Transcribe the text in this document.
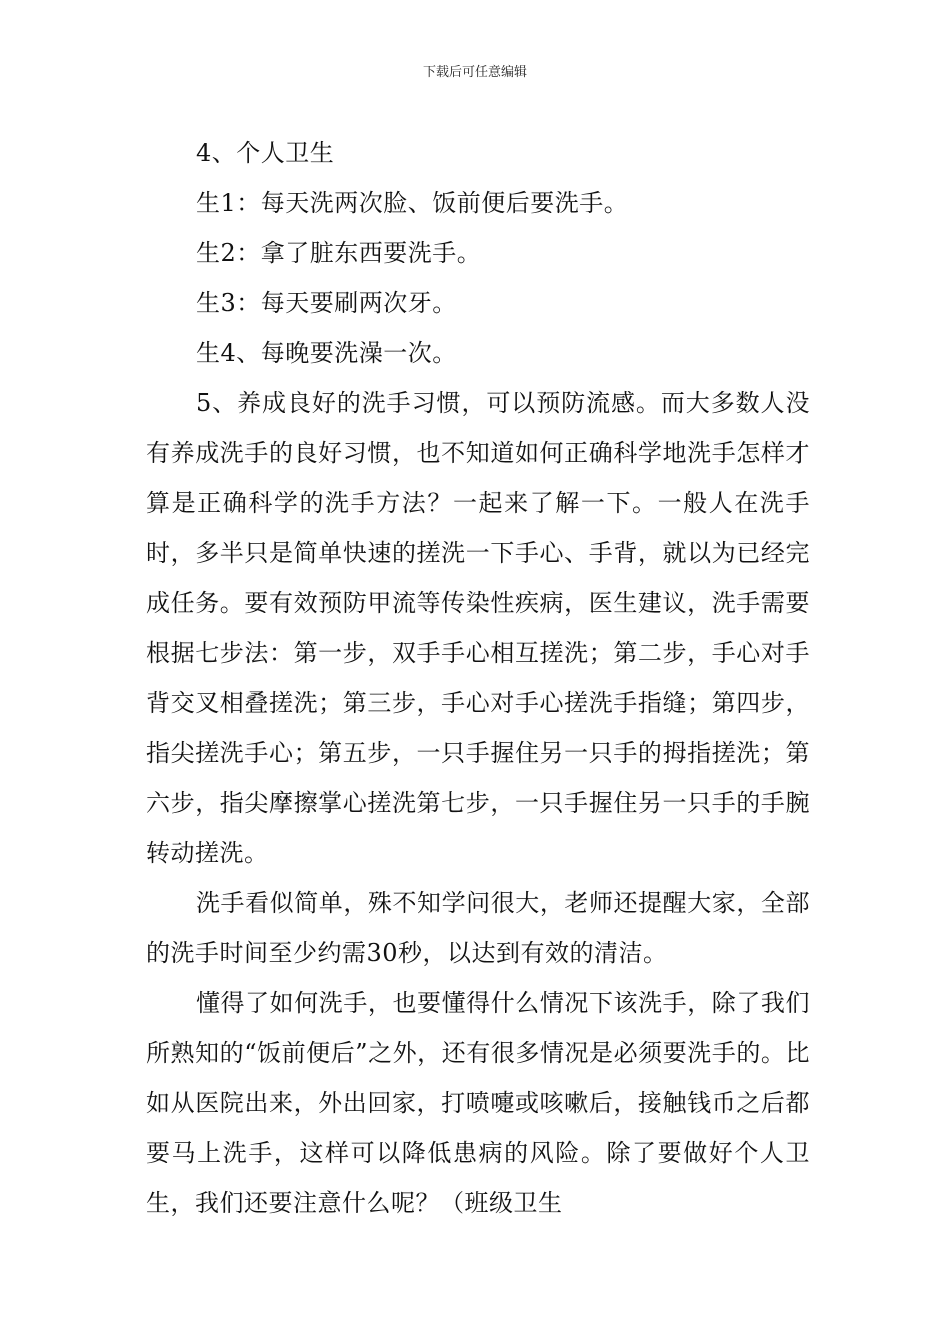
下载后可任意编辑

4、个人卫生

生1：每天洗两次脸、饭前便后要洗手。

生2：拿了脏东西要洗手。

生3：每天要刷两次牙。

生4、每晚要洗澡一次。

5、养成良好的洗手习惯，可以预防流感。而大多数人没有养成洗手的良好习惯，也不知道如何正确科学地洗手怎样才算是正确科学的洗手方法？一起来了解一下。一般人在洗手时，多半只是简单快速的搓洗一下手心、手背，就以为已经完成任务。要有效预防甲流等传染性疾病，医生建议，洗手需要根据七步法：第一步，双手手心相互搓洗；第二步，手心对手背交叉相叠搓洗；第三步，手心对手心搓洗手指缝；第四步，指尖搓洗手心；第五步，一只手握住另一只手的拇指搓洗；第六步，指尖摩擦掌心搓洗第七步，一只手握住另一只手的手腕转动搓洗。

洗手看似简单，殊不知学问很大，老师还提醒大家，全部的洗手时间至少约需30秒，以达到有效的清洁。

懂得了如何洗手，也要懂得什么情况下该洗手，除了我们所熟知的“饭前便后”之外，还有很多情况是必须要洗手的。比如从医院出来，外出回家，打喷嚏或咳嗽后，接触钱币之后都要马上洗手，这样可以降低患病的风险。除了要做好个人卫生，我们还要注意什么呢？（班级卫生
